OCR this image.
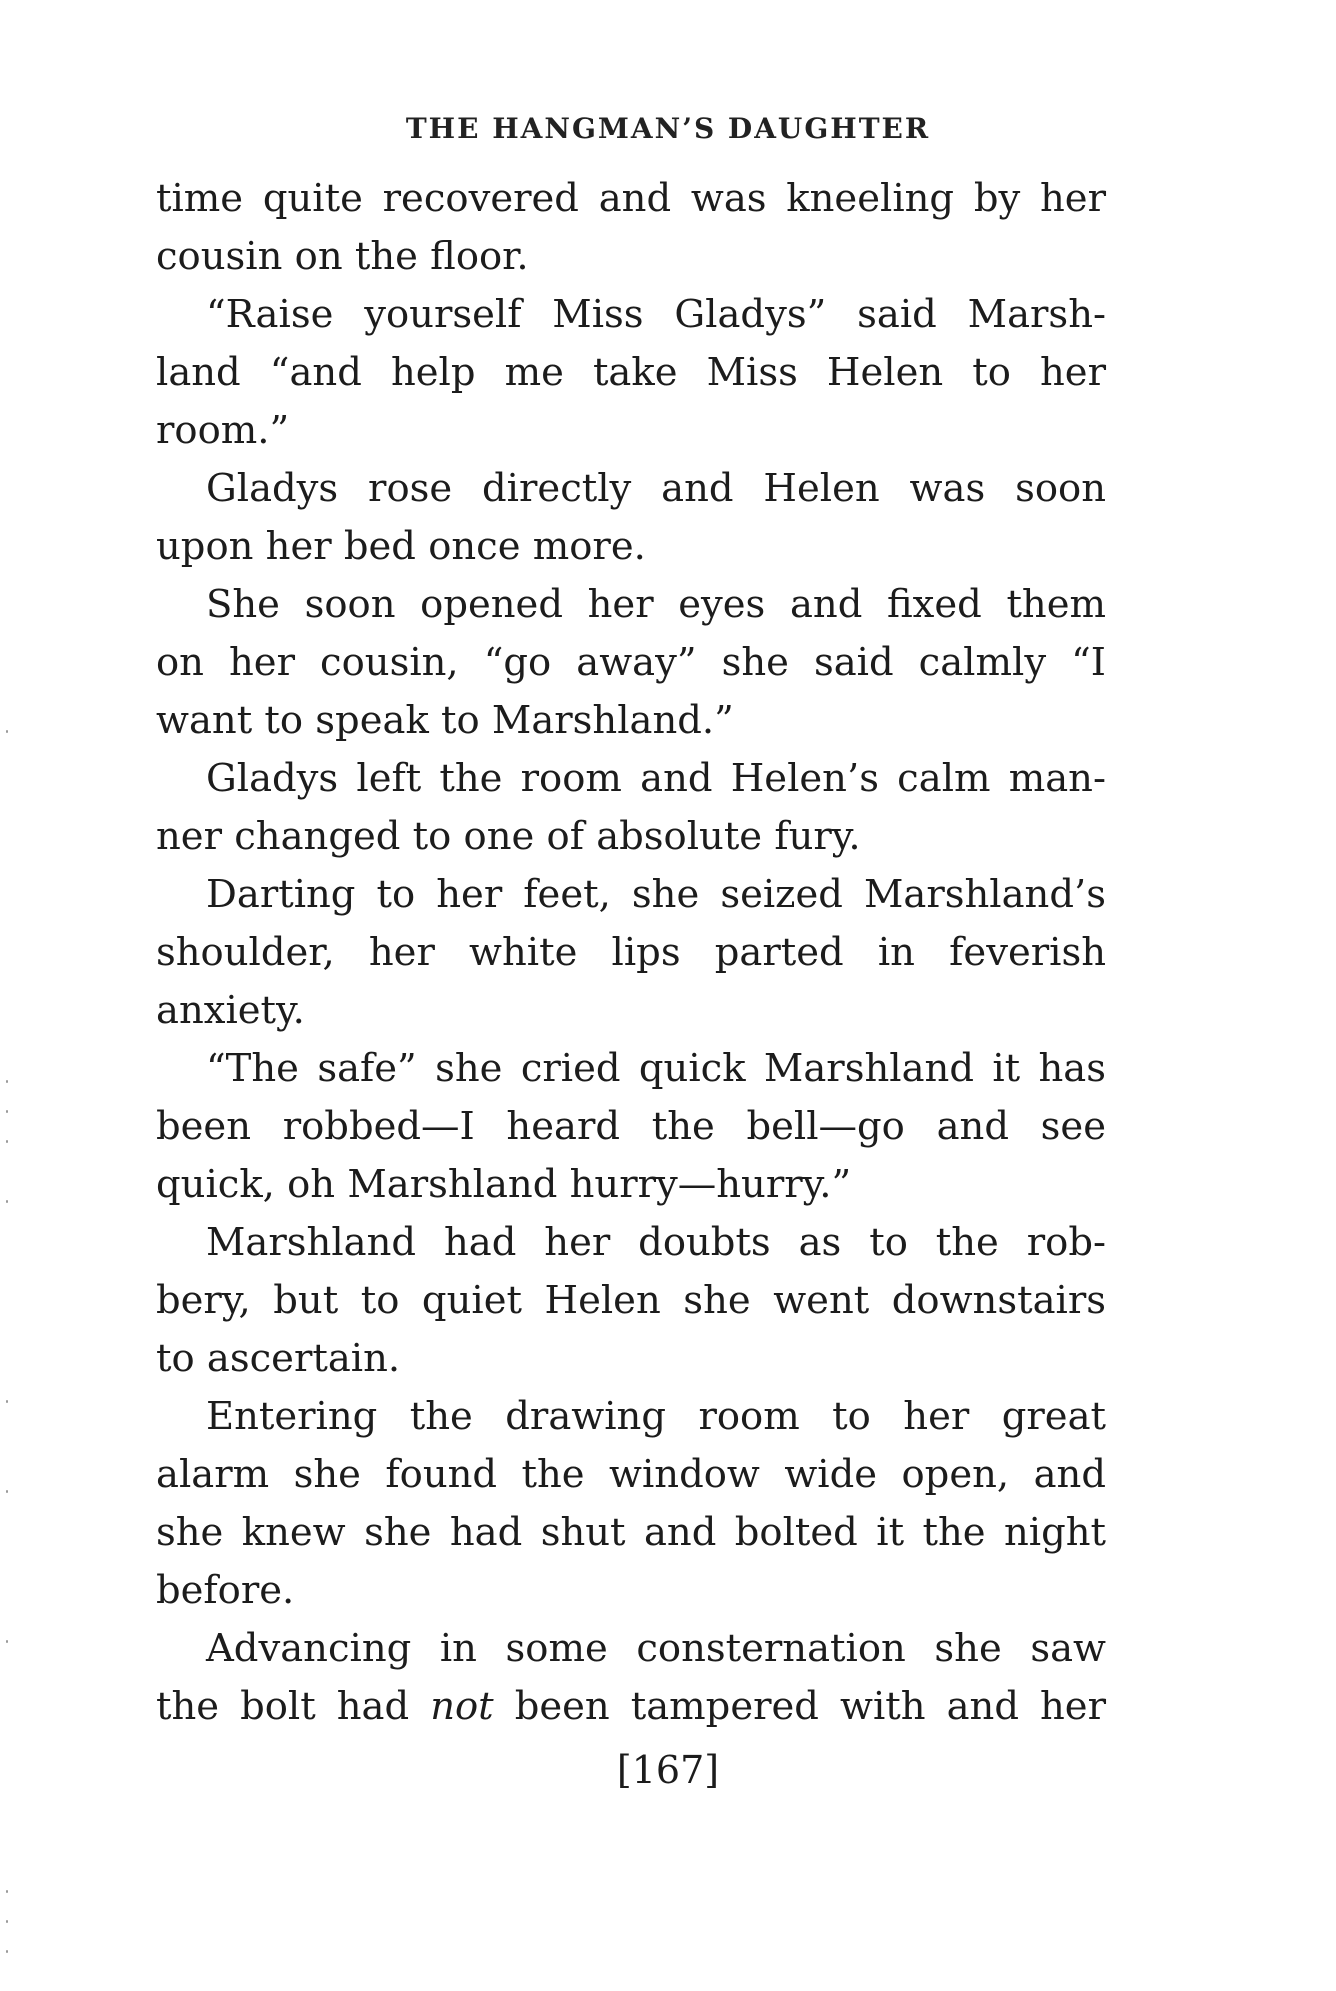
THE HANGMAN’S DAUGHTER

time quite recovered and was kneeling by her
cousin on the floor.

“Raise yourself Miss Gladys” said Marsh-
land “and help me take Miss Helen to her
room.”

Gladys rose directly and Helen was soon
upon her bed once more.

She soon opened her eyes and fixed them
on her cousin, “go away” she said calmly “I
want to speak to Marshland.”

Gladys left the room and Helen’s calm man-
ner changed to one of absolute fury.

Darting to her feet, she seized Marshland’s
shoulder, her white lips parted in feverish
anxiety.

“The safe” she cried quick Marshland it has
been robbed—I heard the bell—go and see
quick, oh Marshland hurry—hurry.”

Marshland had her doubts as to the rob-
bery, but to quiet Helen she went downstairs
to ascertain.

Entering the drawing room to her great
alarm she found the window wide open, and
she knew she had shut and bolted it the night
before.

Advancing in some consternation she saw
the bolt had not been tampered with and her

[167]
